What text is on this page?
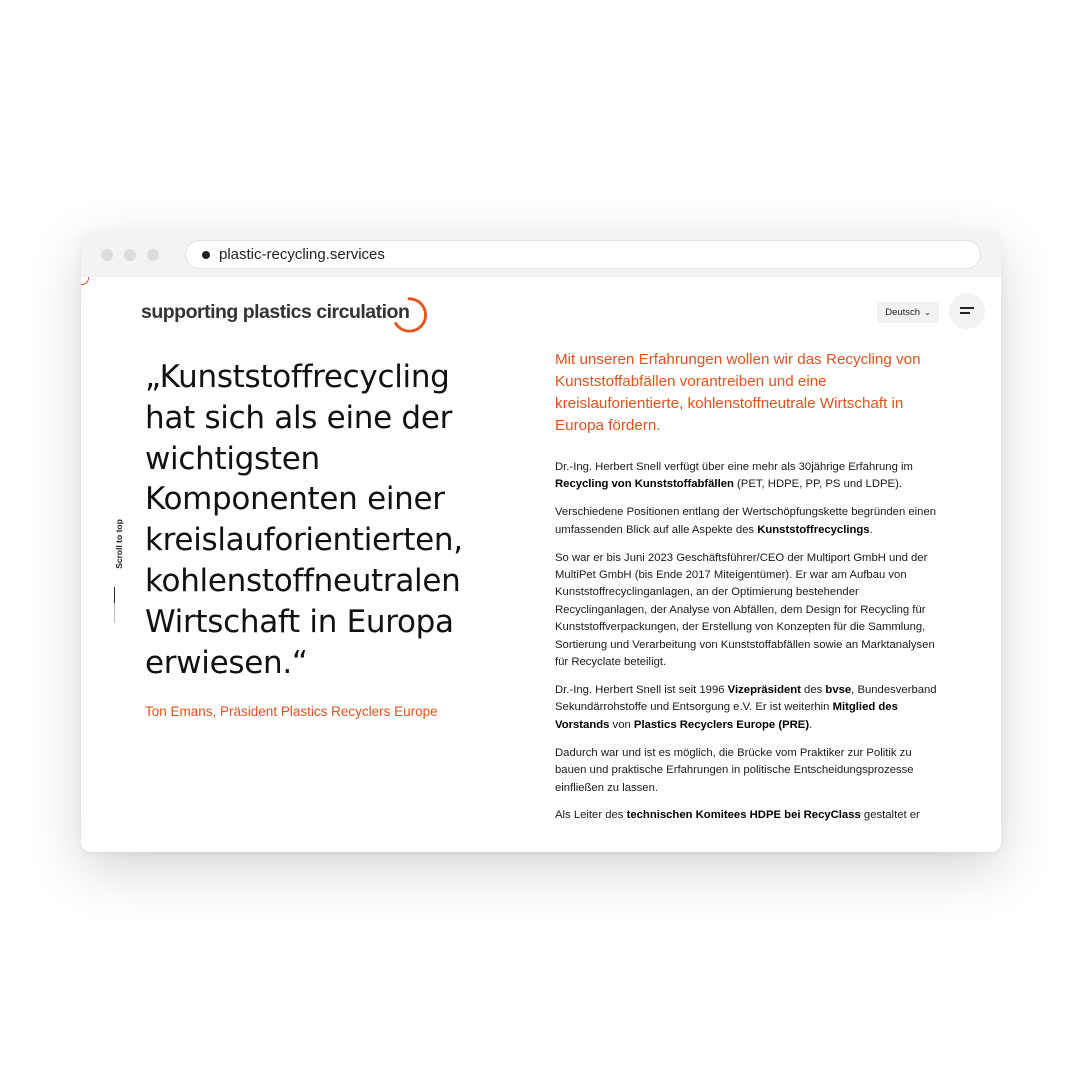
plastic-recycling.services
supporting plastics circulation	Deutsch ⌄
Scroll to top
„Kunststoffrecycling
hat sich als eine der
wichtigsten
Komponenten einer
kreislauforientierten,
kohlenstoffneutralen
Wirtschaft in Europa
erwiesen.“
Ton Emans, Präsident Plastics Recyclers Europe
Mit unseren Erfahrungen wollen wir das Recycling von Kunststoffabfällen vorantreiben und eine kreislauforientierte, kohlenstoffneutrale Wirtschaft in Europa fördern.

Dr.-Ing. Herbert Snell verfügt über eine mehr als 30jährige Erfahrung im Recycling von Kunststoffabfällen (PET, HDPE, PP, PS und LDPE).

Verschiedene Positionen entlang der Wertschöpfungskette begründen einen umfassenden Blick auf alle Aspekte des Kunststoffrecyclings.

So war er bis Juni 2023 Geschäftsführer/CEO der Multiport GmbH und der MultiPet GmbH (bis Ende 2017 Miteigentümer). Er war am Aufbau von Kunststoffrecyclinganlagen, an der Optimierung bestehender Recyclinganlagen, der Analyse von Abfällen, dem Design for Recycling für Kunststoffverpackungen, der Erstellung von Konzepten für die Sammlung, Sortierung und Verarbeitung von Kunststoffabfällen sowie an Marktanalysen für Recyclate beteiligt.

Dr.-Ing. Herbert Snell ist seit 1996 Vizepräsident des bvse, Bundesverband Sekundärrohstoffe und Entsorgung e.V. Er ist weiterhin Mitglied des Vorstands von Plastics Recyclers Europe (PRE).

Dadurch war und ist es möglich, die Brücke vom Praktiker zur Politik zu bauen und praktische Erfahrungen in politische Entscheidungsprozesse einfließen zu lassen.

Als Leiter des technischen Komitees HDPE bei RecyClass gestaltet er
